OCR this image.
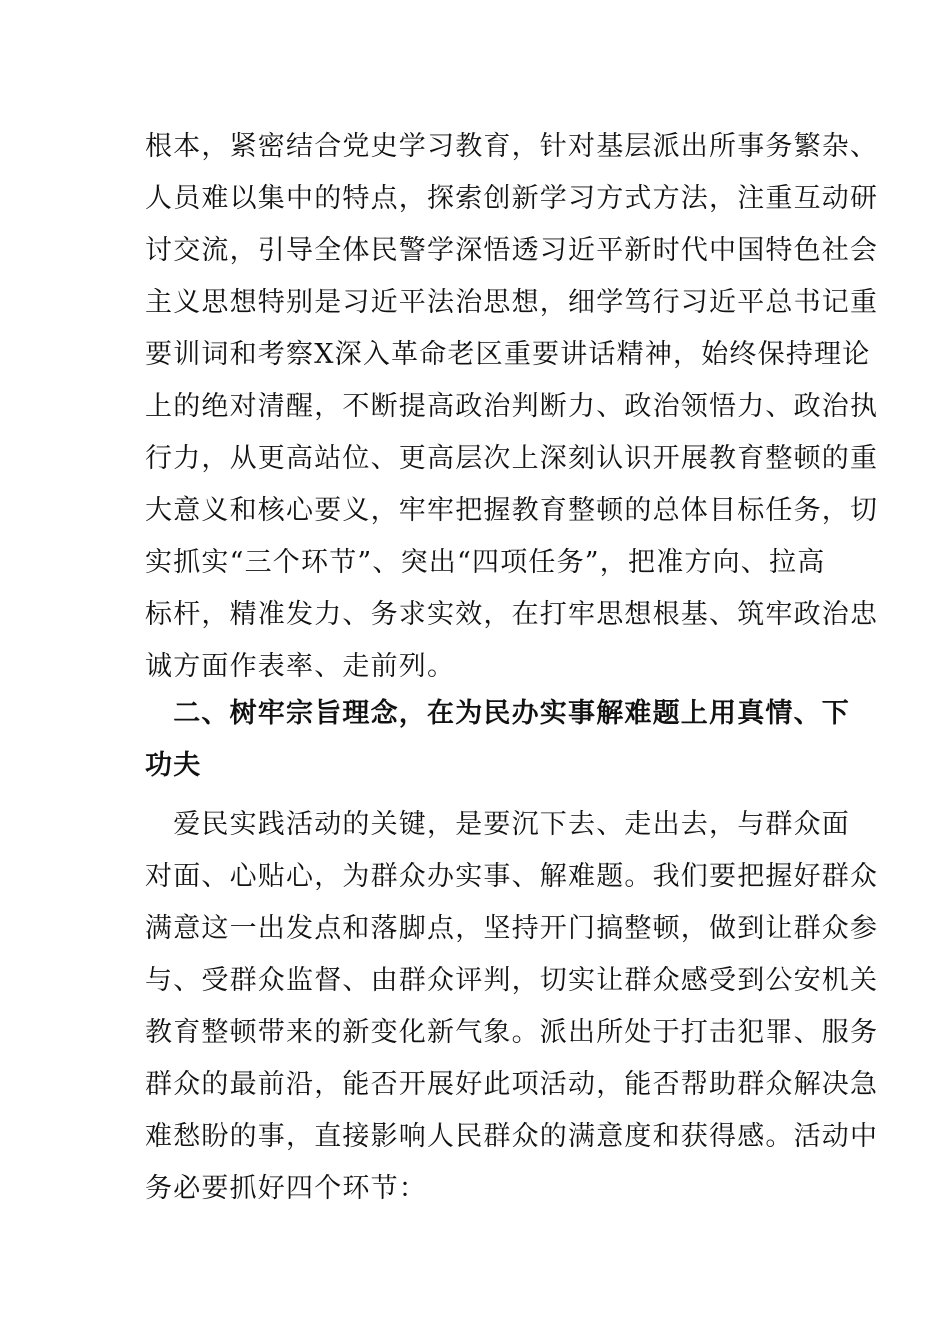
根本，紧密结合党史学习教育，针对基层派出所事务繁杂、
人员难以集中的特点，探索创新学习方式方法，注重互动研
讨交流，引导全体民警学深悟透习近平新时代中国特色社会
主义思想特别是习近平法治思想，细学笃行习近平总书记重
要训词和考察X深入革命老区重要讲话精神，始终保持理论
上的绝对清醒，不断提高政治判断力、政治领悟力、政治执
行力，从更高站位、更高层次上深刻认识开展教育整顿的重
大意义和核心要义，牢牢把握教育整顿的总体目标任务，切
实抓实“三个环节”、突出“四项任务”，把准方向、拉高
标杆，精准发力、务求实效，在打牢思想根基、筑牢政治忠
诚方面作表率、走前列。
　二、树牢宗旨理念，在为民办实事解难题上用真情、下
功夫
　爱民实践活动的关键，是要沉下去、走出去，与群众面
对面、心贴心，为群众办实事、解难题。我们要把握好群众
满意这一出发点和落脚点，坚持开门搞整顿，做到让群众参
与、受群众监督、由群众评判，切实让群众感受到公安机关
教育整顿带来的新变化新气象。派出所处于打击犯罪、服务
群众的最前沿，能否开展好此项活动，能否帮助群众解决急
难愁盼的事，直接影响人民群众的满意度和获得感。活动中
务必要抓好四个环节：
